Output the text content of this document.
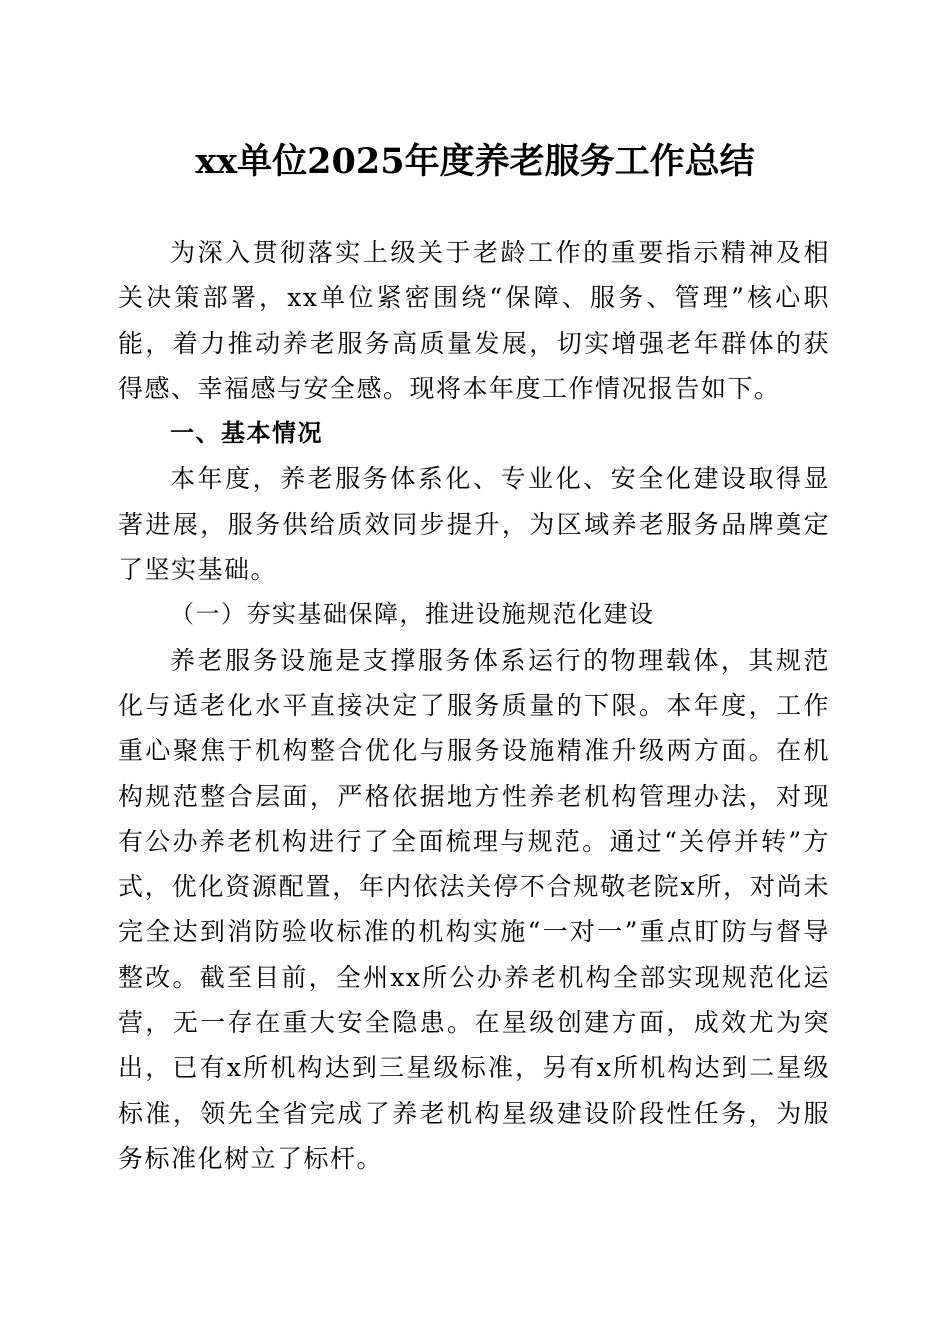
xx单位2025年度养老服务工作总结

为深入贯彻落实上级关于老龄工作的重要指示精神及相关决策部署，xx单位紧密围绕“保障、服务、管理”核心职能，着力推动养老服务高质量发展，切实增强老年群体的获得感、幸福感与安全感。现将本年度工作情况报告如下。

一、基本情况

本年度，养老服务体系化、专业化、安全化建设取得显著进展，服务供给质效同步提升，为区域养老服务品牌奠定了坚实基础。

（一）夯实基础保障，推进设施规范化建设

养老服务设施是支撑服务体系运行的物理载体，其规范化与适老化水平直接决定了服务质量的下限。本年度，工作重心聚焦于机构整合优化与服务设施精准升级两方面。在机构规范整合层面，严格依据地方性养老机构管理办法，对现有公办养老机构进行了全面梳理与规范。通过“关停并转”方式，优化资源配置，年内依法关停不合规敬老院x所，对尚未完全达到消防验收标准的机构实施“一对一”重点盯防与督导整改。截至目前，全州xx所公办养老机构全部实现规范化运营，无一存在重大安全隐患。在星级创建方面，成效尤为突出，已有x所机构达到三星级标准，另有x所机构达到二星级标准，领先全省完成了养老机构星级建设阶段性任务，为服务标准化树立了标杆。
